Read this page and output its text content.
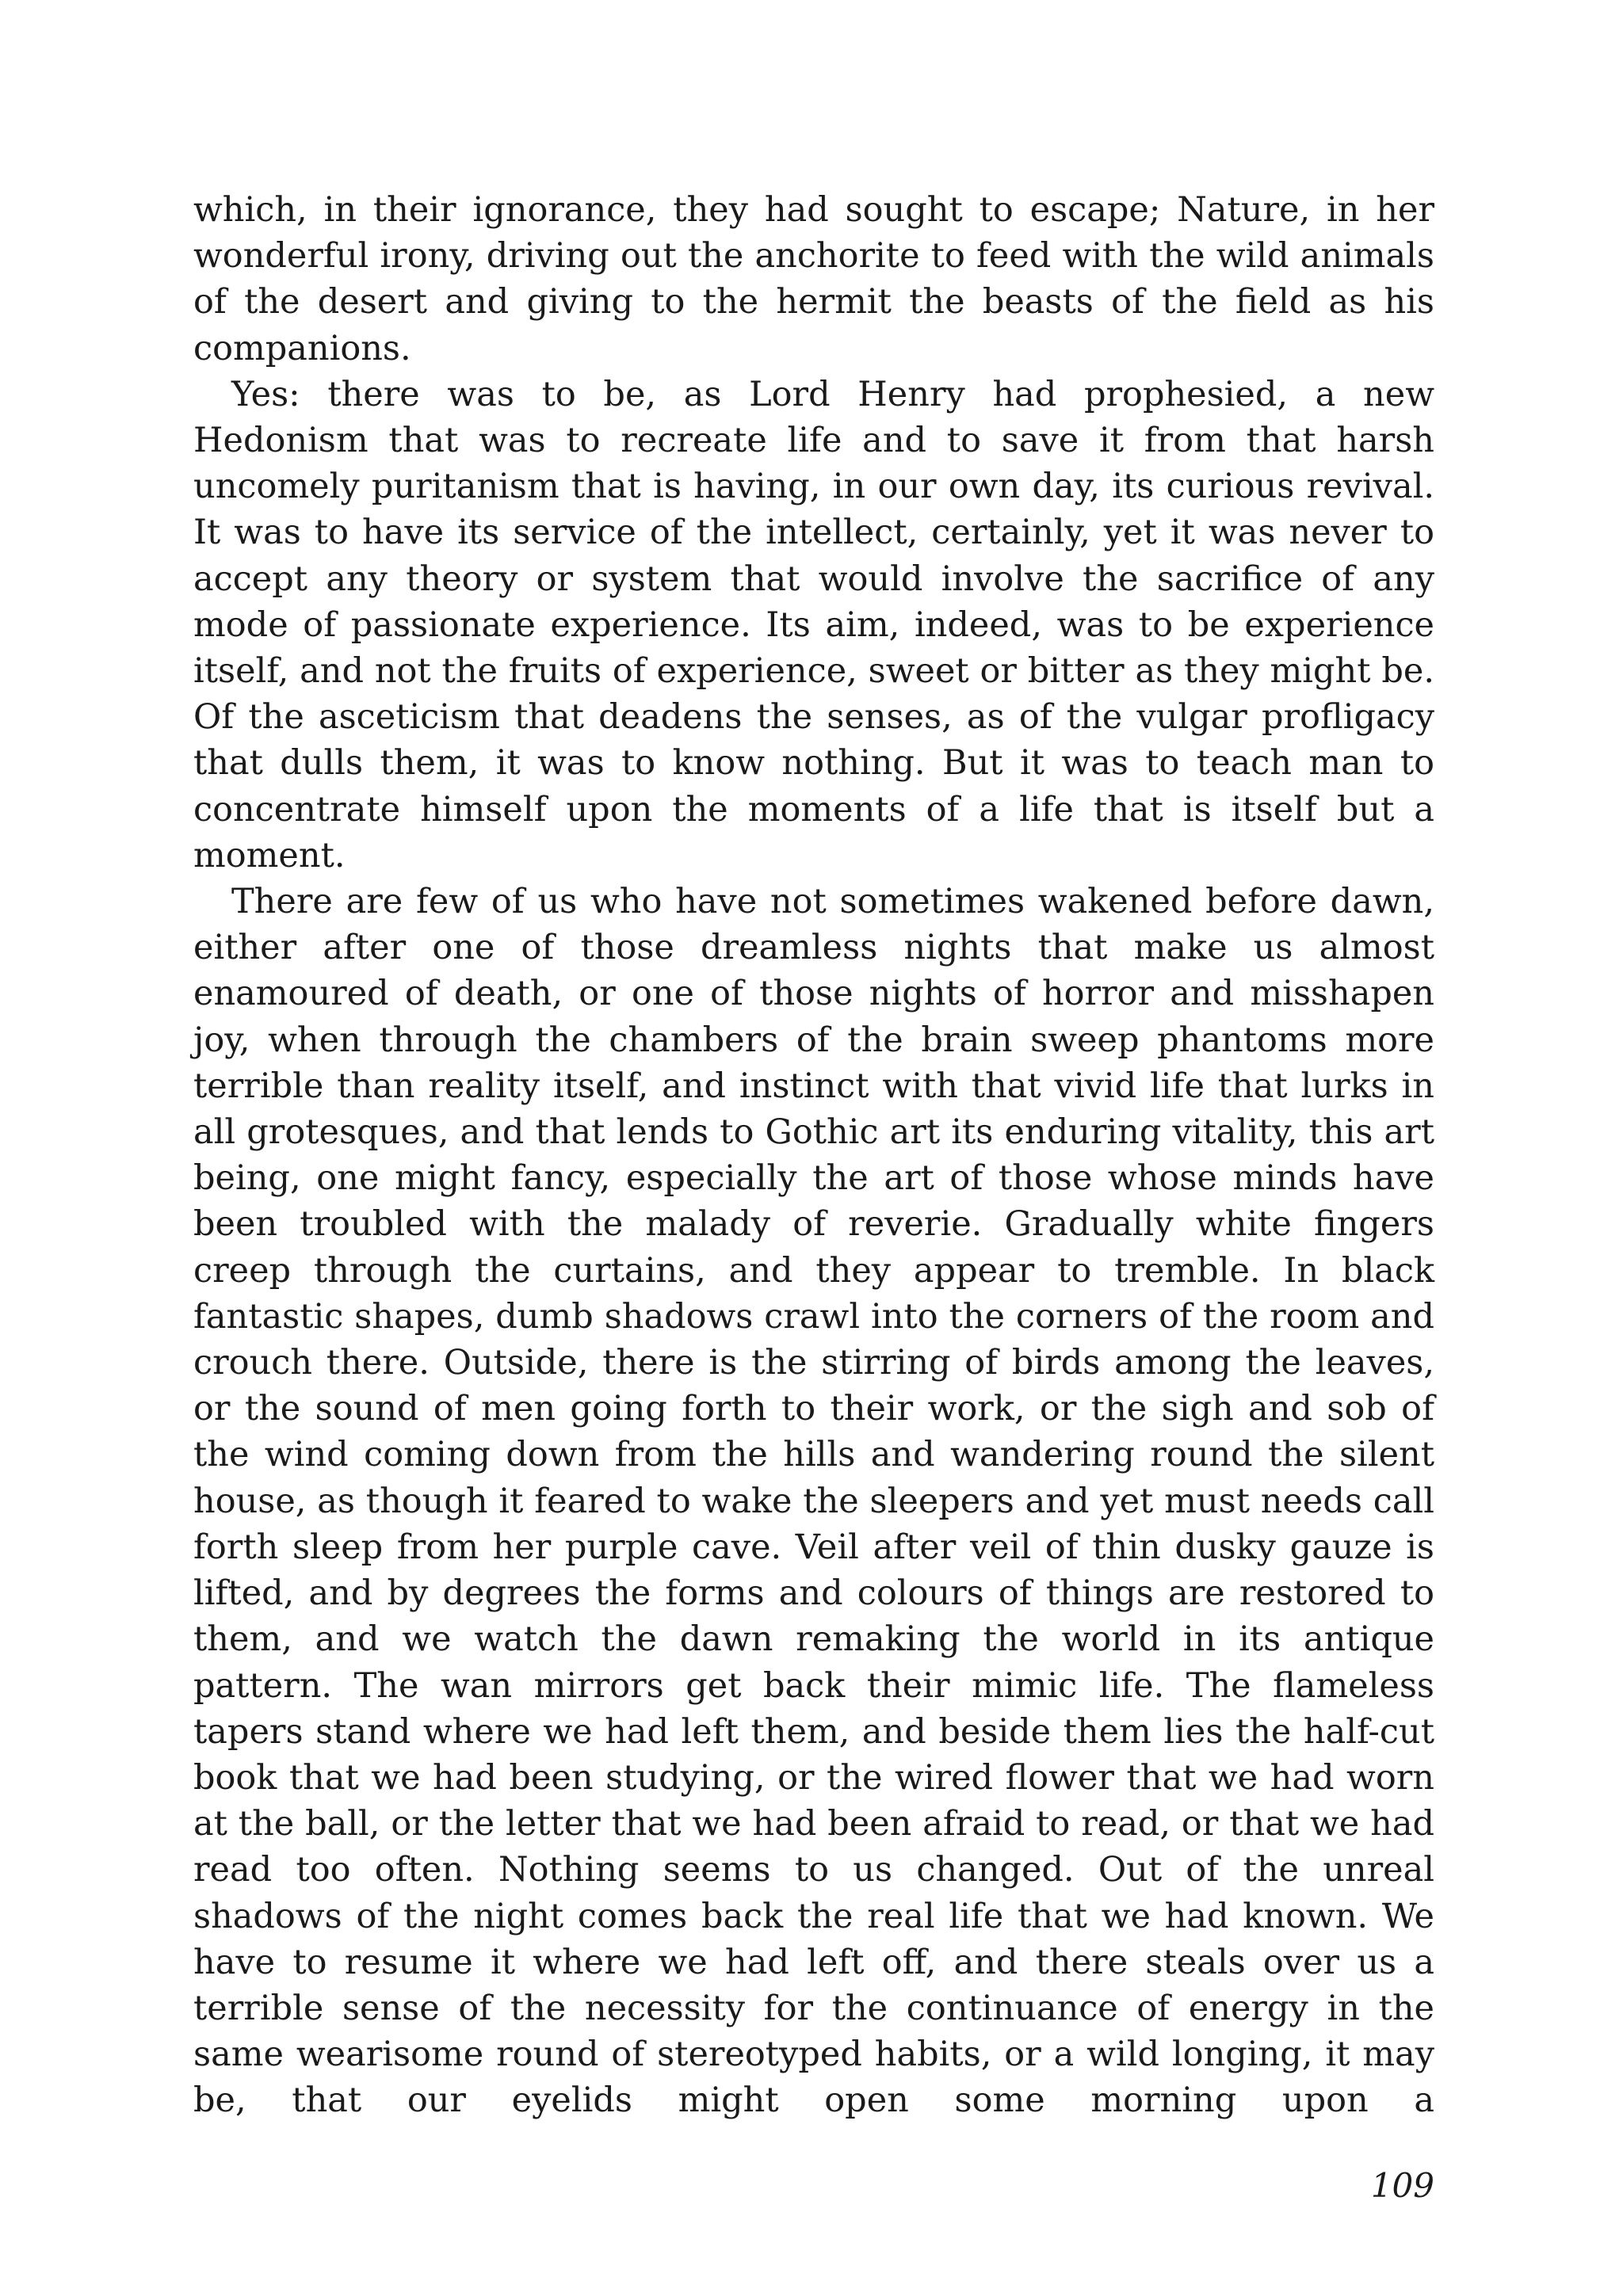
which, in their ignorance, they had sought to escape; Nature, in her wonderful irony, driving out the anchorite to feed with the wild animals of the desert and giving to the hermit the beasts of the field as his companions.

Yes: there was to be, as Lord Henry had prophesied, a new Hedonism that was to recreate life and to save it from that harsh uncomely puritanism that is having, in our own day, its curious revival. It was to have its service of the intellect, certainly, yet it was never to accept any theory or system that would involve the sacrifice of any mode of passionate experience. Its aim, indeed, was to be experience itself, and not the fruits of experience, sweet or bitter as they might be. Of the asceticism that deadens the senses, as of the vulgar profligacy that dulls them, it was to know nothing. But it was to teach man to concentrate himself upon the moments of a life that is itself but a moment.

There are few of us who have not sometimes wakened before dawn, either after one of those dreamless nights that make us almost enamoured of death, or one of those nights of horror and misshapen joy, when through the chambers of the brain sweep phantoms more terrible than reality itself, and instinct with that vivid life that lurks in all grotesques, and that lends to Gothic art its enduring vitality, this art being, one might fancy, especially the art of those whose minds have been troubled with the malady of reverie. Gradually white fingers creep through the curtains, and they appear to tremble. In black fantastic shapes, dumb shadows crawl into the corners of the room and crouch there. Outside, there is the stirring of birds among the leaves, or the sound of men going forth to their work, or the sigh and sob of the wind coming down from the hills and wandering round the silent house, as though it feared to wake the sleepers and yet must needs call forth sleep from her purple cave. Veil after veil of thin dusky gauze is lifted, and by degrees the forms and colours of things are restored to them, and we watch the dawn remaking the world in its antique pattern. The wan mirrors get back their mimic life. The flameless tapers stand where we had left them, and beside them lies the half-cut book that we had been studying, or the wired flower that we had worn at the ball, or the letter that we had been afraid to read, or that we had read too often. Nothing seems to us changed. Out of the unreal shadows of the night comes back the real life that we had known. We have to resume it where we had left off, and there steals over us a terrible sense of the necessity for the continuance of energy in the same wearisome round of stereotyped habits, or a wild longing, it may be, that our eyelids might open some morning upon a

109
